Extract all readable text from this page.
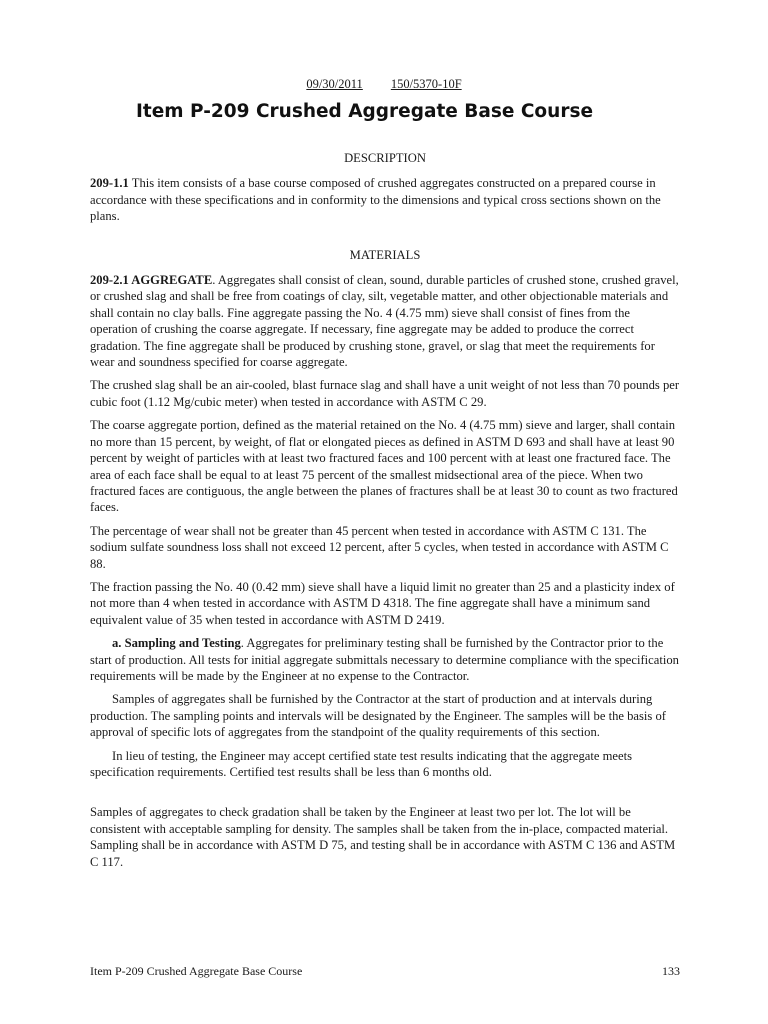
09/30/2011 150/5370-10F
Item P-209 Crushed Aggregate Base Course

DESCRIPTION

209-1.1 This item consists of a base course composed of crushed aggregates constructed on a prepared course in accordance with these specifications and in conformity to the dimensions and typical cross sections shown on the plans.

MATERIALS

209-2.1 AGGREGATE. Aggregates shall consist of clean, sound, durable particles of crushed stone, crushed gravel, or crushed slag and shall be free from coatings of clay, silt, vegetable matter, and other objectionable materials and shall contain no clay balls. Fine aggregate passing the No. 4 (4.75 mm) sieve shall consist of fines from the operation of crushing the coarse aggregate. If necessary, fine aggregate may be added to produce the correct gradation. The fine aggregate shall be produced by crushing stone, gravel, or slag that meet the requirements for wear and soundness specified for coarse aggregate.

The crushed slag shall be an air-cooled, blast furnace slag and shall have a unit weight of not less than 70 pounds per cubic foot (1.12 Mg/cubic meter) when tested in accordance with ASTM C 29.

The coarse aggregate portion, defined as the material retained on the No. 4 (4.75 mm) sieve and larger, shall contain no more than 15 percent, by weight, of flat or elongated pieces as defined in ASTM D 693 and shall have at least 90 percent by weight of particles with at least two fractured faces and 100 percent with at least one fractured face. The area of each face shall be equal to at least 75 percent of the smallest midsectional area of the piece. When two fractured faces are contiguous, the angle between the planes of fractures shall be at least 30 to count as two fractured faces.

The percentage of wear shall not be greater than 45 percent when tested in accordance with ASTM C 131. The sodium sulfate soundness loss shall not exceed 12 percent, after 5 cycles, when tested in accordance with ASTM C 88.

The fraction passing the No. 40 (0.42 mm) sieve shall have a liquid limit no greater than 25 and a plasticity index of not more than 4 when tested in accordance with ASTM D 4318. The fine aggregate shall have a minimum sand equivalent value of 35 when tested in accordance with ASTM D 2419.

a. Sampling and Testing. Aggregates for preliminary testing shall be furnished by the Contractor prior to the start of production. All tests for initial aggregate submittals necessary to determine compliance with the specification requirements will be made by the Engineer at no expense to the Contractor.

Samples of aggregates shall be furnished by the Contractor at the start of production and at intervals during production. The sampling points and intervals will be designated by the Engineer. The samples will be the basis of approval of specific lots of aggregates from the standpoint of the quality requirements of this section.

In lieu of testing, the Engineer may accept certified state test results indicating that the aggregate meets specification requirements. Certified test results shall be less than 6 months old.

Samples of aggregates to check gradation shall be taken by the Engineer at least two per lot. The lot will be consistent with acceptable sampling for density. The samples shall be taken from the in-place, compacted material. Sampling shall be in accordance with ASTM D 75, and testing shall be in accordance with ASTM C 136 and ASTM C 117.

Item P-209 Crushed Aggregate Base Course	133
